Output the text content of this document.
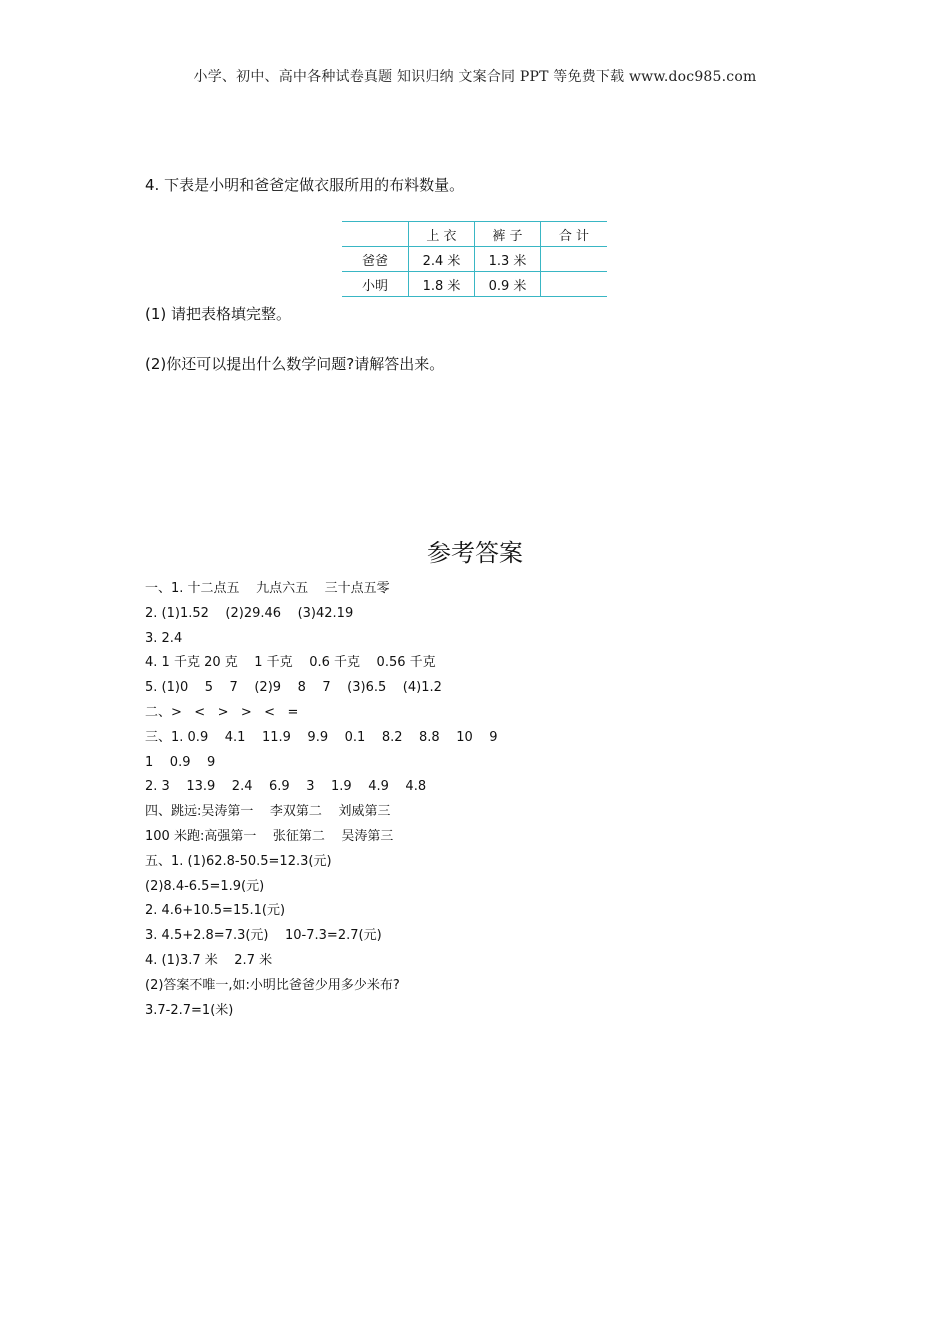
小学、初中、高中各种试卷真题 知识归纳 文案合同 PPT 等免费下载 www.doc985.com
4. 下表是小明和爸爸定做衣服所用的布料数量。
	上 衣	裤 子	合 计
爸爸	2.4 米	1.3 米	
小明	1.8 米	0.9 米	
(1) 请把表格填完整。
(2)你还可以提出什么数学问题?请解答出来。
参考答案
一、1. 十二点五    九点六五    三十点五零
2. (1)1.52    (2)29.46    (3)42.19
3. 2.4
4. 1 千克 20 克    1 千克    0.6 千克    0.56 千克
5. (1)0    5    7    (2)9    8    7    (3)6.5    (4)1.2
二、>   <   >   >   <   =
三、1. 0.9    4.1    11.9    9.9    0.1    8.2    8.8    10    9
1    0.9    9
2. 3    13.9    2.4    6.9    3    1.9    4.9    4.8
四、跳远:吴涛第一    李双第二    刘威第三
100 米跑:高强第一    张征第二    吴涛第三
五、1. (1)62.8-50.5=12.3(元)
(2)8.4-6.5=1.9(元)
2. 4.6+10.5=15.1(元)
3. 4.5+2.8=7.3(元)    10-7.3=2.7(元)
4. (1)3.7 米    2.7 米
(2)答案不唯一,如:小明比爸爸少用多少米布?
3.7-2.7=1(米)
